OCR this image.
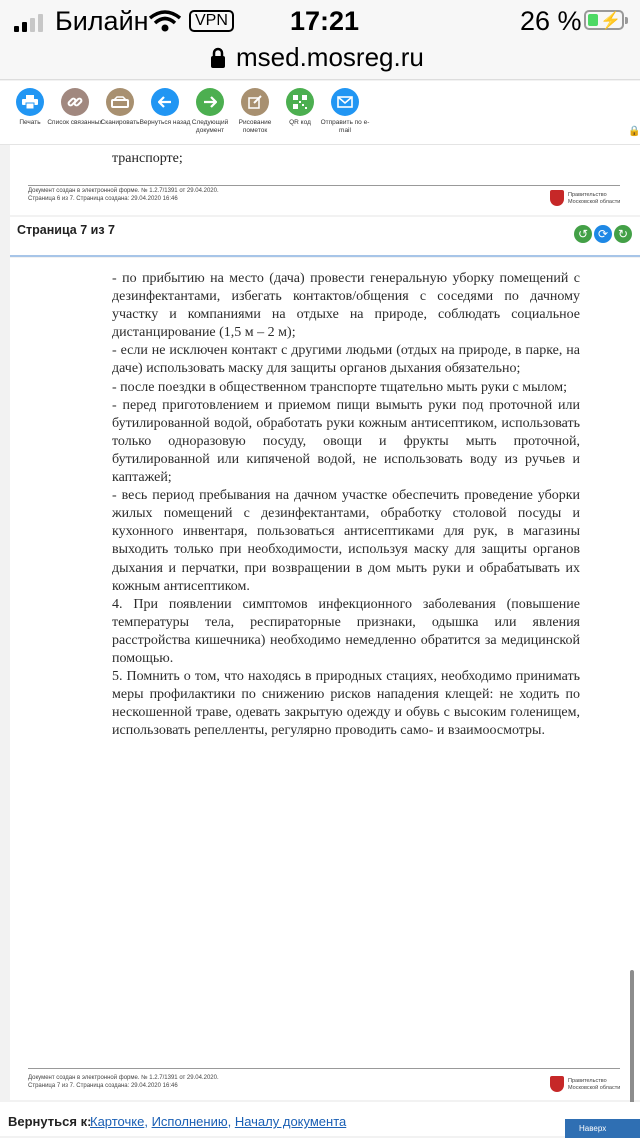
Билайн	VPN 17:21	26 % ⚡
msed.mosreg.ru
Печать	Список связанных
Сканировать Вернуться назад Следующий документ
Рисование пометок
QR код	Отправить по e-mail	🔒
транспорте;
Документ создан в электронной форме. № 1.2.7/1391 от 29.04.2020.
Страница 6 из 7. Страница создана: 29.04.2020 16:46
Правительство
Московской области
Страница 7 из 7	↺ ⟳ ↻

- по прибытию на место (дача) провести генеральную уборку помещений с дезинфектантами, избегать контактов/общения с соседями по дачному участку и компаниями на отдыхе на природе, соблюдать социальное дистанцирование (1,5 м – 2 м);

- если не исключен контакт с другими людьми (отдых на природе, в парке, на даче) использовать маску для защиты органов дыхания обязательно;

- после поездки в общественном транспорте тщательно мыть руки с мылом;

- перед приготовлением и приемом пищи вымыть руки под проточной или бутилированной водой, обработать руки кожным антисептиком, использовать только одноразовую посуду, овощи и фрукты мыть проточной, бутилированной или кипяченой водой, не использовать воду из ручьев и каптажей;

- весь период пребывания на дачном участке обеспечить проведение уборки жилых помещений с дезинфектантами, обработку столовой посуды и кухонного инвентаря, пользоваться антисептиками для рук, в магазины выходить только при необходимости, используя маску для защиты органов дыхания и перчатки, при возвращении в дом мыть руки и обрабатывать их кожным антисептиком.

4. При появлении симптомов инфекционного заболевания (повышение температуры тела, респираторные признаки, одышка или явления расстройства кишечника) необходимо немедленно обратится за медицинской помощью.

5. Помнить о том, что находясь в природных стациях, необходимо принимать меры профилактики по снижению рисков нападения клещей: не ходить по нескошенной траве, одевать закрытую одежду и обувь с высоким голенищем, использовать репелленты, регулярно проводить само- и взаимоосмотры.

Документ создан в электронной форме. № 1.2.7/1391 от 29.04.2020.
Страница 7 из 7. Страница создана: 29.04.2020 16:46
Правительство
Московской области
Вернуться к:
Карточке, Исполнению, Началу документа	Наверх
